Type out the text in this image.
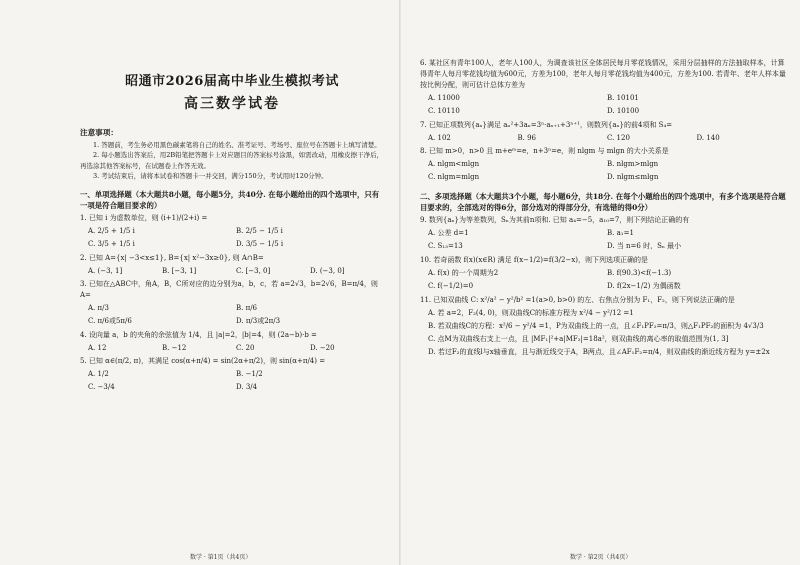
昭通市2026届高中毕业生模拟考试
高三数学试卷
注意事项：

1. 答题前，考生务必用黑色碳素笔将自己的姓名、准考证号、考场号、座位号在答题卡上填写清楚。

2. 每小题选出答案后，用2B铅笔把答题卡上对应题目的答案标号涂黑，如需改动，用橡皮擦干净后，再选涂其他答案标号，在试题卷上作答无效。

3. 考试结束后，请将本试卷和答题卡一并交回，满分150分，考试用时120分钟。

一、单项选择题（本大题共8小题，每小题5分，共40分. 在每小题给出的四个选项中，只有一项是符合题目要求的）

1. 已知 i 为虚数单位，则 (i+1)/(2+i) =

A. 2/5 + 1/5 i	B. 2/5 − 1/5 i
C. 3/5 + 1/5 i	D. 3/5 − 1/5 i

2. 已知 A={x| −3<x≤1}, B={x| x²−3x≥0}, 则 A∩B=

A. (−3, 1]	B. [−3, 1]	C. [−3, 0]	D. (−3, 0]

3. 已知在△ABC中，角A，B，C所对应的边分别为a，b，c，若 a=2√3，b=2√6，B=π/4，则 A=

A. π/3	B. π/6
C. π/6或5π/6	D. π/3或2π/3

4. 设向量 a，b 的夹角的余弦值为 1/4，且 |a|=2，|b|=4，则 (2a−b)·b =

A. 12	B. −12	C. 20	D. −20

5. 已知 α∈(π/2, π)，其满足 cos(α+π/4) = sin(2α+π/2)，则 sin(α+π/4) =

A. 1/2	B. −1/2
C. −3/4	D. 3/4
数学 · 第1页（共4页）

6. 某社区有青年100人，老年人100人，为调查该社区全体居民每月零花钱情况，采用分层抽样的方法抽取样本，计算得青年人每月零花钱均值为600元，方差为100，老年人每月零花钱均值为400元，方差为100. 若青年、老年人样本量按比例分配，则可估计总体方差为

A. 11000	B. 10101
C. 10110	D. 10100

7. 已知正项数列{aₙ}满足 aₙ²+3aₙ=3ⁿ·aₙ₊₁+3ⁿ⁺¹，则数列{aₙ}的前4项和 S₄=

A. 102	B. 96	C. 120	D. 140

8. 已知 m>0，n>0 且 m+eᵐ=e，n+3ⁿ=e，则 nlgm 与 mlgn 的大小关系是

A. nlgm<mlgn	B. nlgm>mlgn
C. nlgm=mlgn	D. nlgm≤mlgn
二、多项选择题（本大题共3个小题，每小题6分，共18分. 在每个小题给出的四个选项中，有多个选项是符合题目要求的，全部选对的得6分，部分选对的得部分分，有选错的得0分）

9. 数列{aₙ}为等差数列，Sₙ为其前n项和. 已知 a₄=−5，a₁₀=7，则下列结论正确的有

A. 公差 d=1	B. a₁=1
C. S₁₃=13	D. 当 n=6 时，Sₙ 最小

10. 若奇函数 f(x)(x∈R) 满足 f(x−1/2)=f(3/2−x)，则下列选项正确的是

A. f(x) 的一个周期为2	B. f(90.3)<f(−1.3)
C. f(−1/2)=0	D. f(2x−1/2) 为偶函数

11. 已知双曲线 C: x²/a² − y²/b² =1(a>0, b>0) 的左、右焦点分别为 F₁，F₂，则下列说法正确的是

A. 若 a=2，F₂(4, 0)，则双曲线C的标准方程为 x²/4 − y²/12 =1

B. 若双曲线C的方程：x²/6 − y²/4 =1，P为双曲线上的一点，且∠F₁PF₂=π/3，则△F₁PF₂的面积为 4√3/3

C. 点M为双曲线右支上一点，且 |MF₁|²+a|MF₂|=18a²，则双曲线的离心率的取值范围为(1, 3]

D. 若过F₂的直线l与x轴垂直，且与渐近线交于A，B两点，且∠AF₁F₂=π/4，则双曲线的渐近线方程为 y=±2x

数学 · 第2页（共4页）
